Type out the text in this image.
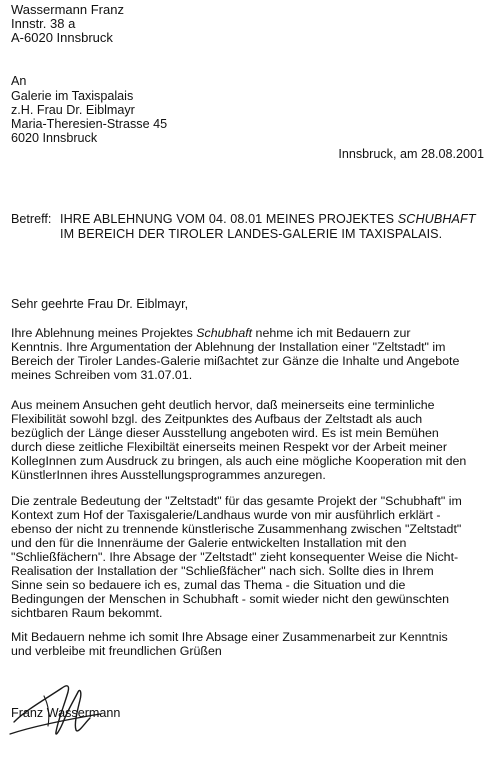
Wassermann Franz
Innstr. 38 a
A-6020 Innsbruck
An
Galerie im Taxispalais
z.H. Frau Dr. Eiblmayr
Maria-Theresien-Strasse 45
6020 Innsbruck
Innsbruck, am 28.08.2001
Betreff: IHRE ABLEHNUNG VOM 04. 08.01 MEINES PROJEKTES SCHUBHAFT
IM BEREICH DER TIROLER LANDES-GALERIE IM TAXISPALAIS.
Sehr geehrte Frau Dr. Eiblmayr,
Ihre Ablehnung meines Projektes Schubhaft nehme ich mit Bedauern zur
Kenntnis. Ihre Argumentation der Ablehnung der Installation einer "Zeltstadt" im
Bereich der Tiroler Landes-Galerie mißachtet zur Gänze die Inhalte und Angebote
meines Schreiben vom 31.07.01.
Aus meinem Ansuchen geht deutlich hervor, daß meinerseits eine terminliche
Flexibilität sowohl bzgl. des Zeitpunktes des Aufbaus der Zeltstadt als auch
bezüglich der Länge dieser Ausstellung angeboten wird. Es ist mein Bemühen
durch diese zeitliche Flexibiltät einerseits meinen Respekt vor der Arbeit meiner
KollegInnen zum Ausdruck zu bringen, als auch eine mögliche Kooperation mit den
KünstlerInnen ihres Ausstellungsprogrammes anzuregen.
Die zentrale Bedeutung der "Zeltstadt" für das gesamte Projekt der "Schubhaft" im
Kontext zum Hof der Taxisgalerie/Landhaus wurde von mir ausführlich erklärt -
ebenso der nicht zu trennende künstlerische Zusammenhang zwischen "Zeltstadt"
und den für die Innenräume der Galerie entwickelten Installation mit den
"Schließfächern". Ihre Absage der "Zeltstadt" zieht konsequenter Weise die Nicht-
Realisation der Installation der "Schließfächer" nach sich. Sollte dies in Ihrem
Sinne sein so bedauere ich es, zumal das Thema - die Situation und die
Bedingungen der Menschen in Schubhaft - somit wieder nicht den gewünschten
sichtbaren Raum bekommt.
Mit Bedauern nehme ich somit Ihre Absage einer Zusammenarbeit zur Kenntnis
und verbleibe mit freundlichen Grüßen
Franz Wassermann
